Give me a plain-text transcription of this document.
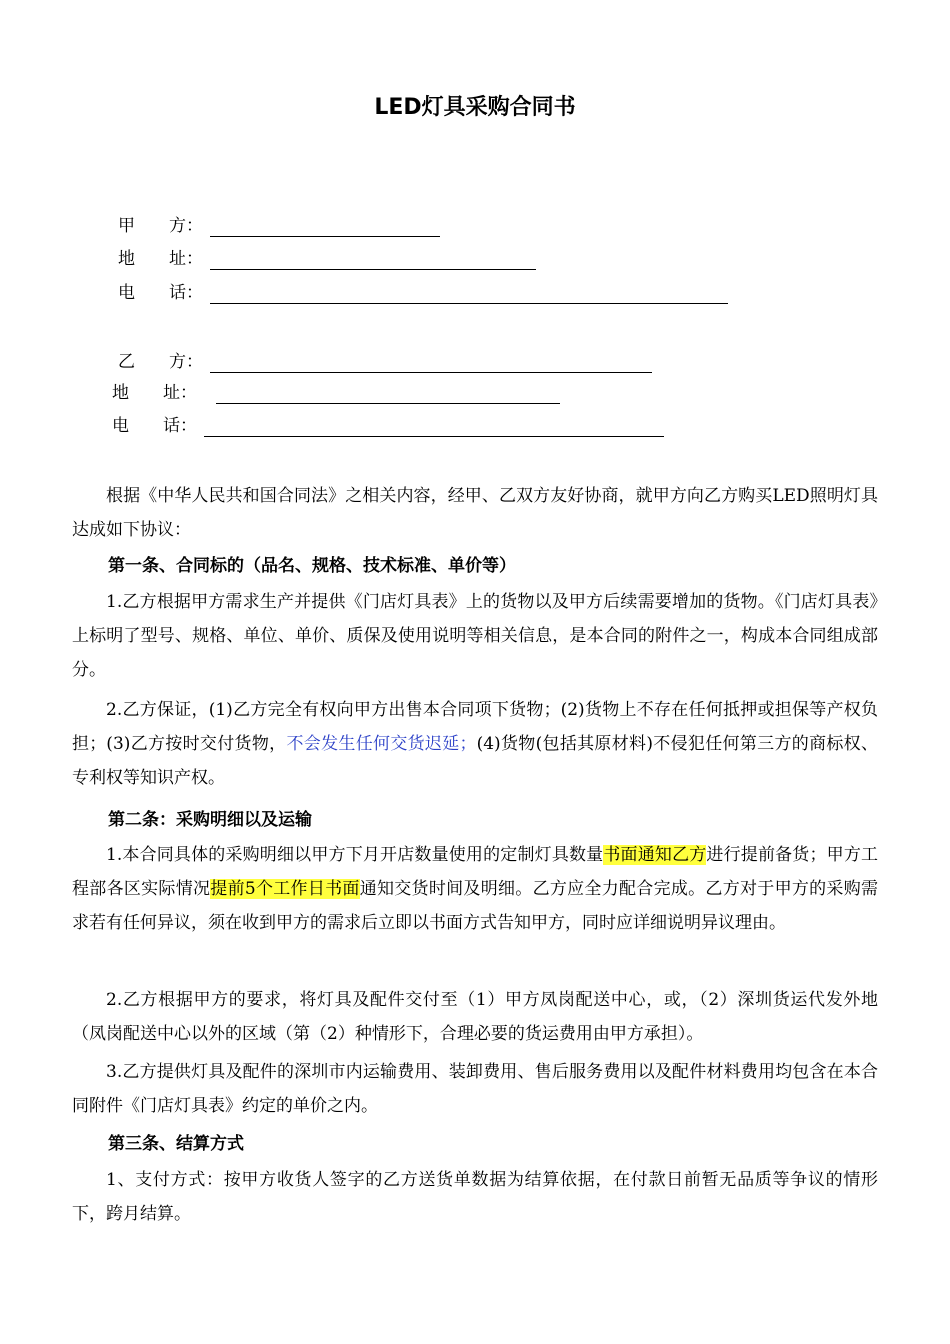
LED灯具采购合同书
甲　　方：
地　　址：
电　　话：
乙　　方：
地　　址：
电　　话：

根据《中华人民共和国合同法》之相关内容，经甲、乙双方友好协商，就甲方向乙方购买LED照明灯具达成如下协议：

第一条、合同标的（品名、规格、技术标准、单价等）

1.乙方根据甲方需求生产并提供《门店灯具表》上的货物以及甲方后续需要增加的货物。《门店灯具表》上标明了型号、规格、单位、单价、质保及使用说明等相关信息，是本合同的附件之一，构成本合同组成部分。

2.乙方保证，(1)乙方完全有权向甲方出售本合同项下货物；(2)货物上不存在任何抵押或担保等产权负担；(3)乙方按时交付货物，不会发生任何交货迟延；(4)货物(包括其原材料)不侵犯任何第三方的商标权、专利权等知识产权。

第二条：采购明细以及运输

1.本合同具体的采购明细以甲方下月开店数量使用的定制灯具数量书面通知乙方进行提前备货；甲方工程部各区实际情况提前5个工作日书面通知交货时间及明细。乙方应全力配合完成。乙方对于甲方的采购需求若有任何异议，须在收到甲方的需求后立即以书面方式告知甲方，同时应详细说明异议理由。

2.乙方根据甲方的要求，将灯具及配件交付至（1）甲方凤岗配送中心，或，（2）深圳货运代发外地（凤岗配送中心以外的区域（第（2）种情形下，合理必要的货运费用由甲方承担）。

3.乙方提供灯具及配件的深圳市内运输费用、装卸费用、售后服务费用以及配件材料费用均包含在本合同附件《门店灯具表》约定的单价之内。

第三条、结算方式

1、支付方式：按甲方收货人签字的乙方送货单数据为结算依据，在付款日前暂无品质等争议的情形下，跨月结算。
